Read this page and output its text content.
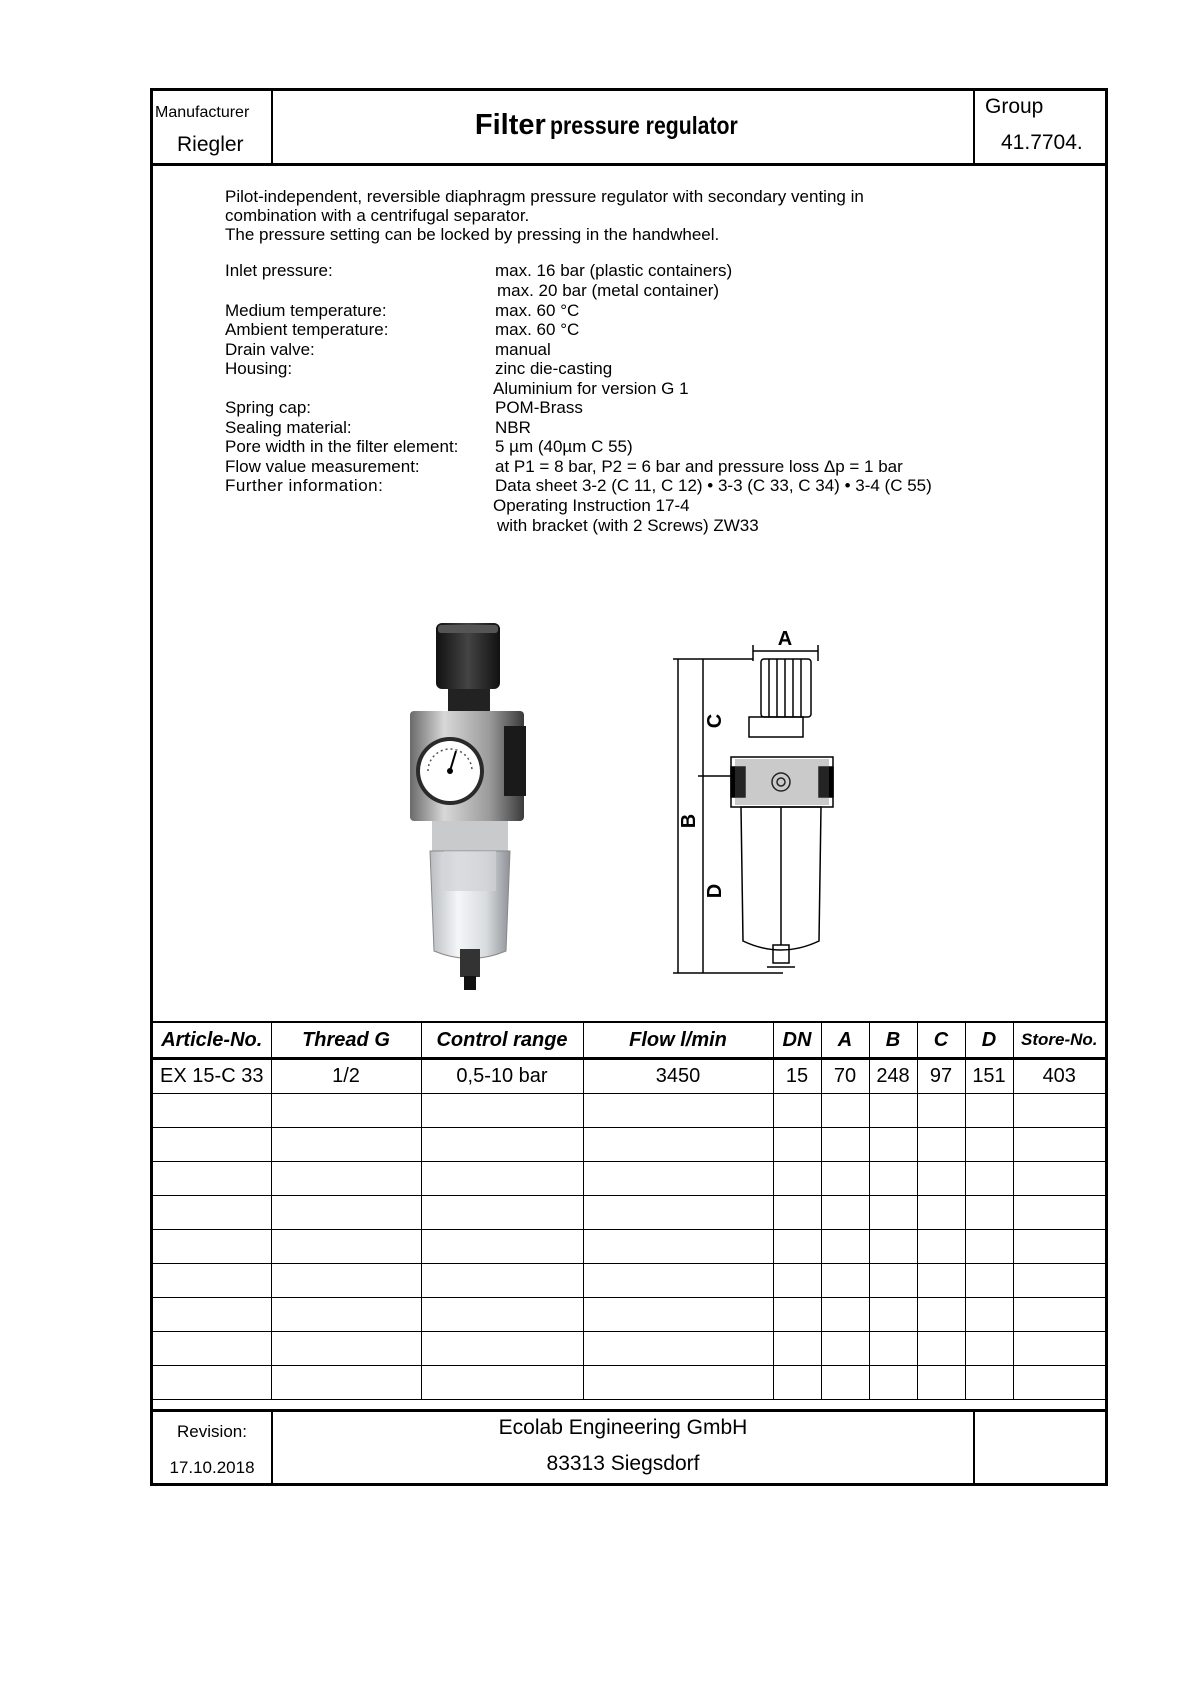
Manufacturer
Riegler
Filter pressure regulator
Group
41.7704.

Pilot-independent, reversible diaphragm pressure regulator with secondary venting in

combination with a centrifugal separator.

The pressure setting can be locked by pressing in the handwheel.

Inlet pressure:	max. 16 bar (plastic containers)
max. 20 bar (metal container)
Medium temperature:	max. 60 °C
Ambient temperature:	max. 60 °C
Drain valve:	manual
Housing:	zinc die-casting
Aluminium for version G 1
Spring cap:	POM-Brass
Sealing material:	NBR
Pore width in the filter element: 5 µm (40µm C 55)
Flow value measurement:	at P1 = 8 bar, P2 = 6 bar and pressure loss Δp = 1 bar
Further information:	Data sheet 3-2 (C 11, C 12) • 3-3 (C 33, C 34) • 3-4 (C 55)
Operating Instruction 17-4
with bracket (with 2 Screws) ZW33
A
B
C
D
Article-No.	Thread G	Control range	Flow l/min	DN	A	B	C	D	Store-No.
EX 15-C 33	1/2	0,5-10 bar	3450	15	70	248	97	151	403

Revision:
17.10.2018
Ecolab Engineering GmbH
83313 Siegsdorf
